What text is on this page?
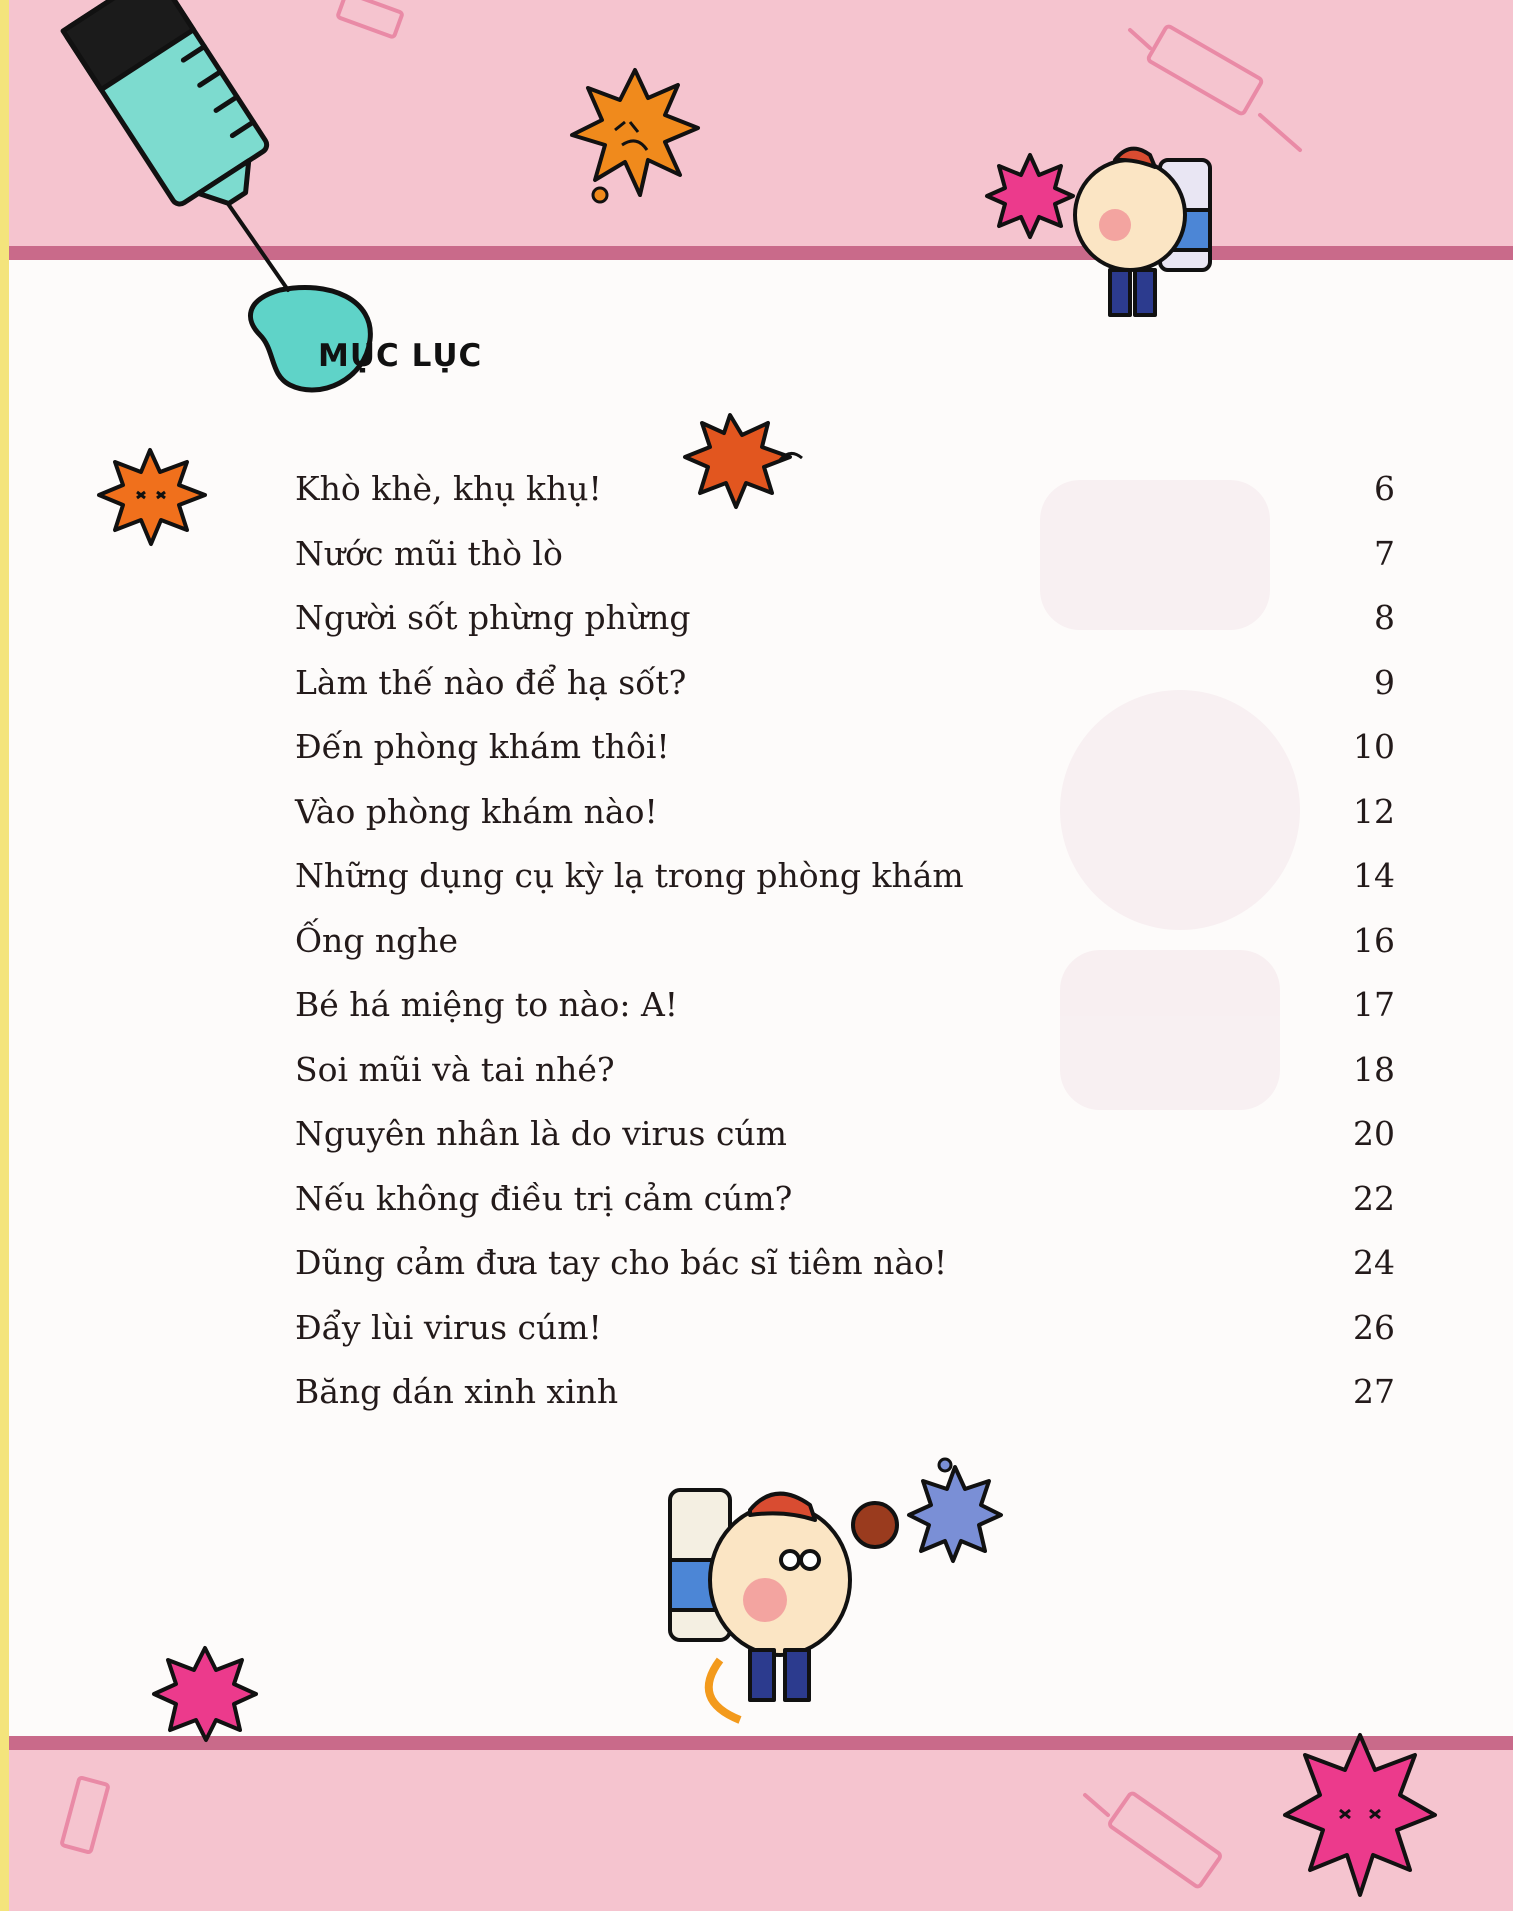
MỤC LỤC
Khò khè, khụ khụ!	6
Nước mũi thò lò	7
Người sốt phừng phừng	8
Làm thế nào để hạ sốt?	9
Đến phòng khám thôi!	10
Vào phòng khám nào!	12
Những dụng cụ kỳ lạ trong phòng khám	14
Ống nghe	16
Bé há miệng to nào: A!	17
Soi mũi và tai nhé?	18
Nguyên nhân là do virus cúm	20
Nếu không điều trị cảm cúm?	22
Dũng cảm đưa tay cho bác sĩ tiêm nào!	24
Đẩy lùi virus cúm!	26
Băng dán xinh xinh	27
